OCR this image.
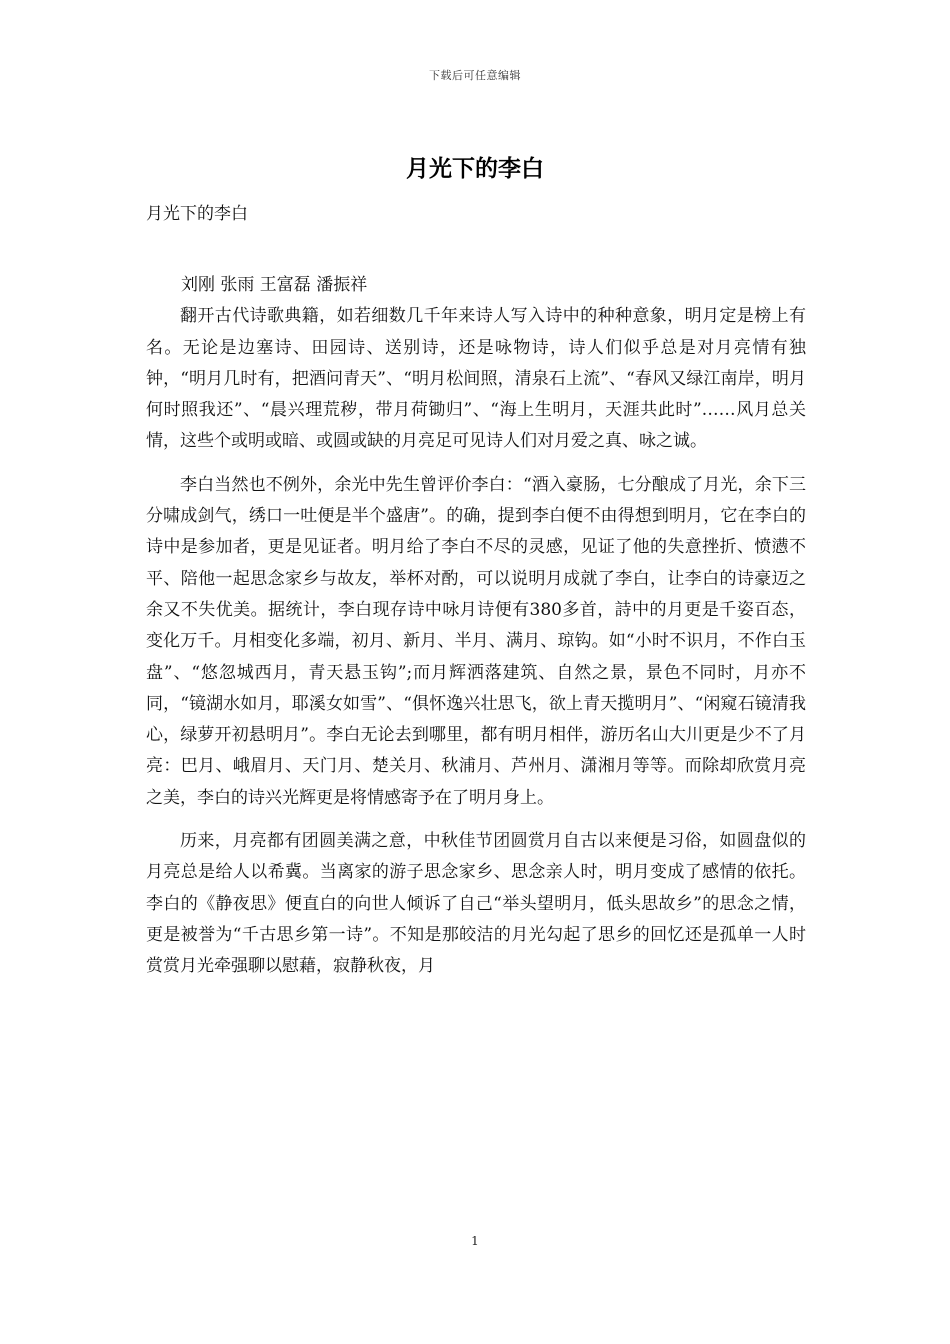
下载后可任意编辑
月光下的李白
月光下的李白
刘刚 张雨 王富磊 潘振祥

翻开古代诗歌典籍，如若细数几千年来诗人写入诗中的种种意象，明月定是榜上有名。无论是边塞诗、田园诗、送别诗，还是咏物诗，诗人们似乎总是对月亮情有独钟，“明月几时有，把酒问青天”、“明月松间照，清泉石上流”、“春风又绿江南岸，明月何时照我还”、“晨兴理荒秽，带月荷锄归”、“海上生明月，天涯共此时”……风月总关情，这些个或明或暗、或圆或缺的月亮足可见诗人们对月爱之真、咏之诚。

李白当然也不例外，余光中先生曾评价李白：“酒入豪肠，七分酿成了月光，余下三分啸成剑气，绣口一吐便是半个盛唐”。的确，提到李白便不由得想到明月，它在李白的诗中是参加者，更是见证者。明月给了李白不尽的灵感，见证了他的失意挫折、愤懑不平、陪他一起思念家乡与故友，举杯对酌，可以说明月成就了李白，让李白的诗豪迈之余又不失优美。据统计，李白现存诗中咏月诗便有380多首，詩中的月更是千姿百态，变化万千。月相变化多端，初月、新月、半月、满月、琼钩。如“小时不识月，不作白玉盘”、“悠忽城西月，青天悬玉钩”;而月辉洒落建筑、自然之景，景色不同时，月亦不同，“镜湖水如月，耶溪女如雪”、“俱怀逸兴壮思飞，欲上青天揽明月”、“闲窥石镜清我心，绿萝开初悬明月”。李白无论去到哪里，都有明月相伴，游历名山大川更是少不了月亮：巴月、峨眉月、天门月、楚关月、秋浦月、芦州月、潇湘月等等。而除却欣赏月亮之美，李白的诗兴光辉更是将情感寄予在了明月身上。

历来，月亮都有团圆美满之意，中秋佳节团圆赏月自古以来便是习俗，如圆盘似的月亮总是给人以希冀。当离家的游子思念家乡、思念亲人时，明月变成了感情的依托。李白的《静夜思》便直白的向世人倾诉了自己“举头望明月，低头思故乡”的思念之情，更是被誉为“千古思乡第一诗”。不知是那皎洁的月光勾起了思乡的回忆还是孤单一人时赏赏月光牵强聊以慰藉，寂静秋夜，月

1
